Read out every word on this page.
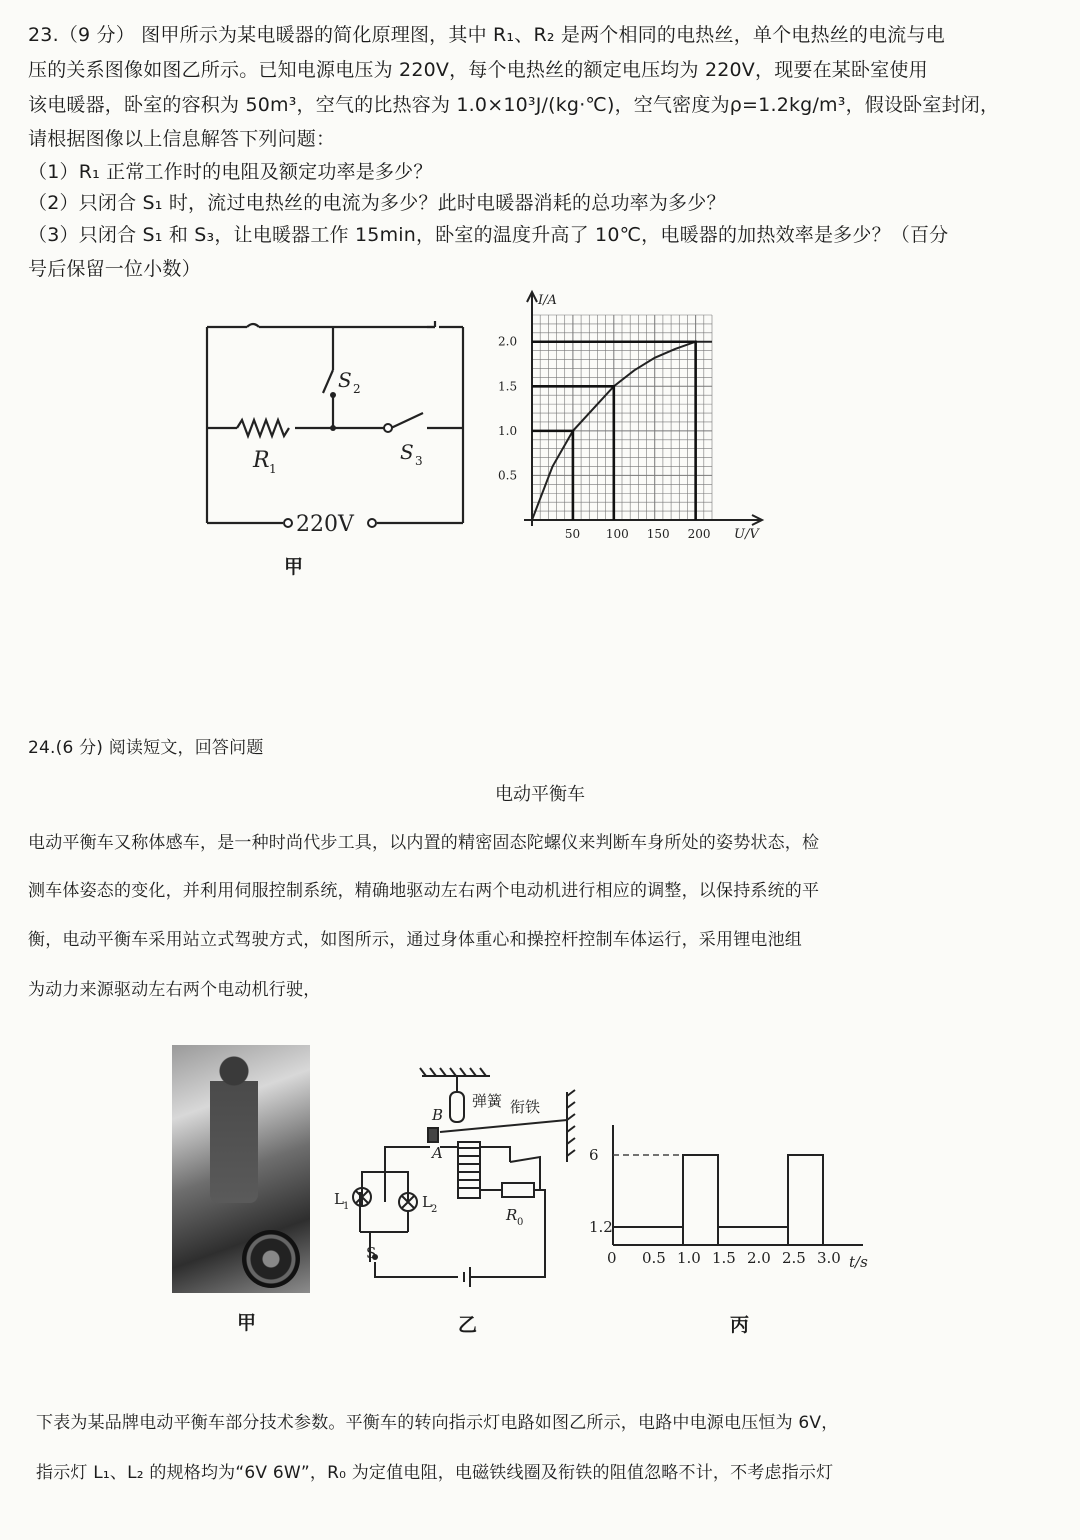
23.（9 分） 图甲所示为某电暖器的简化原理图，其中 R₁、R₂ 是两个相同的电热丝，单个电热丝的电流与电
压的关系图像如图乙所示。已知电源电压为 220V，每个电热丝的额定电压均为 220V，现要在某卧室使用
该电暖器，卧室的容积为 50m³，空气的比热容为 1.0×10³J/(kg·℃)，空气密度为ρ=1.2kg/m³，假设卧室封闭，
请根据图像以上信息解答下列问题：
（1）R₁ 正常工作时的电阻及额定功率是多少？
（2）只闭合 S₁ 时，流过电热丝的电流为多少？此时电暖器消耗的总功率为多少？
（3）只闭合 S₁ 和 S₃，让电暖器工作 15min，卧室的温度升高了 10℃，电暖器的加热效率是多少？（百分
号后保留一位小数）
220V
R 1
S 2
S 3
甲
0.5
1.5
1.0
2.0
50 100 150 200
I/A
U/V
24.(6 分) 阅读短文，回答问题
电动平衡车
电动平衡车又称体感车，是一种时尚代步工具，以内置的精密固态陀螺仪来判断车身所处的姿势状态，检
测车体姿态的变化，并利用伺服控制系统，精确地驱动左右两个电动机进行相应的调整，以保持系统的平
衡，电动平衡车采用站立式驾驶方式，如图所示，通过身体重心和操控杆控制车体运行，采用锂电池组
为动力来源驱动左右两个电动机行驶，
甲
B
A
弹簧 衔铁
L 1	L 2	R 0
S
乙
1.2
6
0 0.5 1.0 1.5 2.0 2.5 3.0 t/s
丙
下表为某品牌电动平衡车部分技术参数。平衡车的转向指示灯电路如图乙所示，电路中电源电压恒为 6V，
指示灯 L₁、L₂ 的规格均为“6V 6W”，R₀ 为定值电阻，电磁铁线圈及衔铁的阻值忽略不计，不考虑指示灯
